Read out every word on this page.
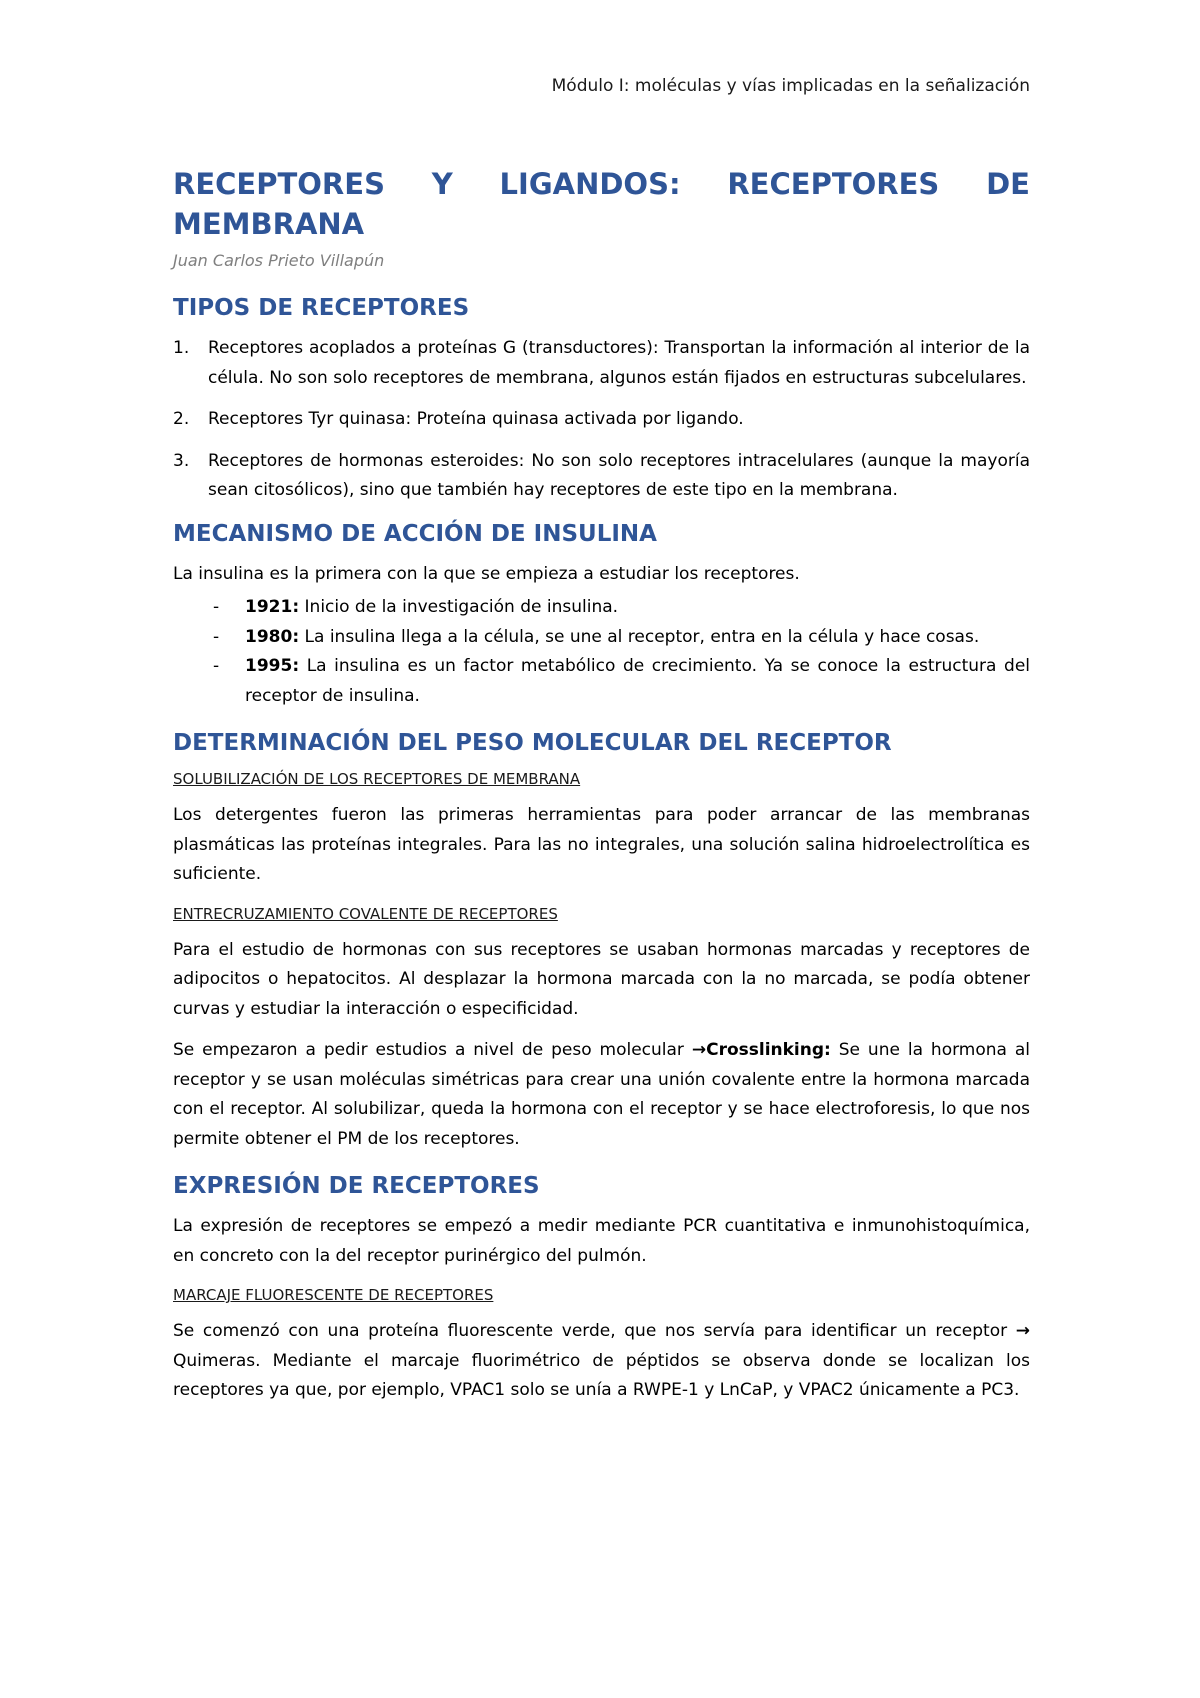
Módulo I: moléculas y vías implicadas en la señalización
RECEPTORES Y LIGANDOS: RECEPTORES DE MEMBRANA
Juan Carlos Prieto Villapún
TIPOS DE RECEPTORES
1. Receptores acoplados a proteínas G (transductores): Transportan la información al interior de la célula. No son solo receptores de membrana, algunos están fijados en estructuras subcelulares.
2. Receptores Tyr quinasa: Proteína quinasa activada por ligando.
3. Receptores de hormonas esteroides: No son solo receptores intracelulares (aunque la mayoría sean citosólicos), sino que también hay receptores de este tipo en la membrana.
MECANISMO DE ACCIÓN DE INSULINA

La insulina es la primera con la que se empieza a estudiar los receptores.

- 1921: Inicio de la investigación de insulina.
- 1980: La insulina llega a la célula, se une al receptor, entra en la célula y hace cosas.
- 1995: La insulina es un factor metabólico de crecimiento. Ya se conoce la estructura del receptor de insulina.
DETERMINACIÓN DEL PESO MOLECULAR DEL RECEPTOR
SOLUBILIZACIÓN DE LOS RECEPTORES DE MEMBRANA

Los detergentes fueron las primeras herramientas para poder arrancar de las membranas plasmáticas las proteínas integrales. Para las no integrales, una solución salina hidroelectrolítica es suficiente.

ENTRECRUZAMIENTO COVALENTE DE RECEPTORES

Para el estudio de hormonas con sus receptores se usaban hormonas marcadas y receptores de adipocitos o hepatocitos. Al desplazar la hormona marcada con la no marcada, se podía obtener curvas y estudiar la interacción o especificidad.

Se empezaron a pedir estudios a nivel de peso molecular →Crosslinking: Se une la hormona al receptor y se usan moléculas simétricas para crear una unión covalente entre la hormona marcada con el receptor. Al solubilizar, queda la hormona con el receptor y se hace electroforesis, lo que nos permite obtener el PM de los receptores.

EXPRESIÓN DE RECEPTORES

La expresión de receptores se empezó a medir mediante PCR cuantitativa e inmunohistoquímica, en concreto con la del receptor purinérgico del pulmón.

MARCAJE FLUORESCENTE DE RECEPTORES

Se comenzó con una proteína fluorescente verde, que nos servía para identificar un receptor → Quimeras. Mediante el marcaje fluorimétrico de péptidos se observa donde se localizan los receptores ya que, por ejemplo, VPAC1 solo se unía a RWPE-1 y LnCaP, y VPAC2 únicamente a PC3.
